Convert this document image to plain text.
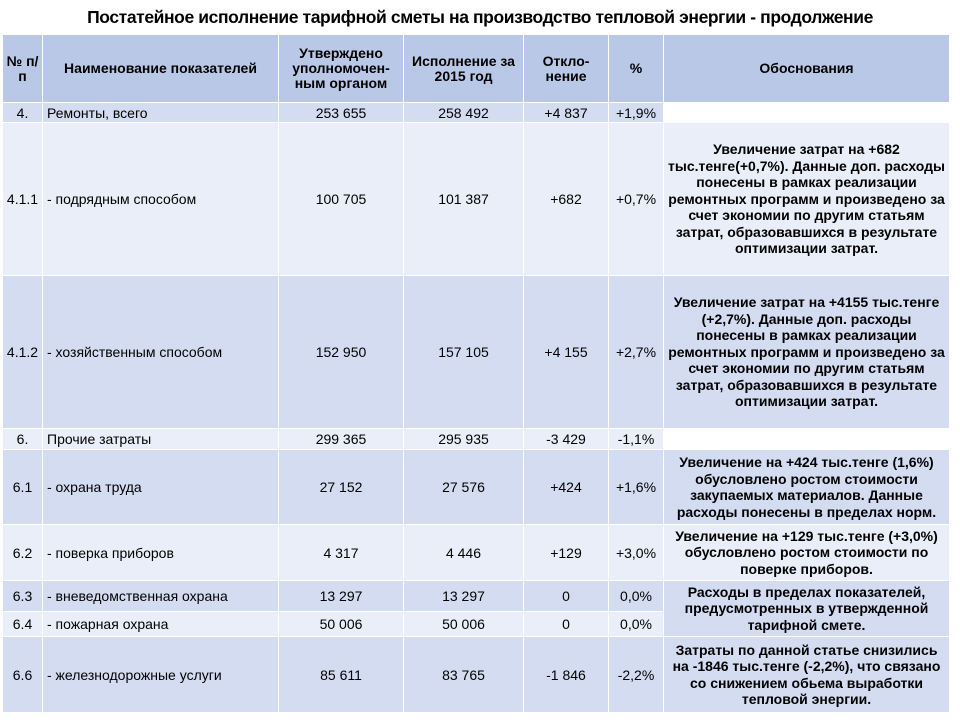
Постатейное исполнение тарифной сметы на производство тепловой энергии - продолжение
№ п/п	Наименование показателей	Утверждено уполномочен-ным органом	Исполнение за 2015 год	Откло-нение	%	Обоснования
4.	Ремонты, всего	253 655	258 492	+4 837	+1,9%	
4.1.1	- подрядным способом	100 705	101 387	+682	+0,7%	Увеличение затрат на +682 тыс.тенге(+0,7%). Данные доп. расходы понесены в рамках реализации ремонтных программ и произведено за счет экономии по другим статьям затрат, образовавшихся в результате оптимизации затрат.
4.1.2	- хозяйственным способом	152 950	157 105	+4 155	+2,7%	Увеличение затрат на +4155 тыс.тенге (+2,7%). Данные доп. расходы понесены в рамках реализации ремонтных программ и произведено за счет экономии по другим статьям затрат, образовавшихся в результате оптимизации затрат.
6.	Прочие затраты	299 365	295 935	-3 429	-1,1%	
6.1	- охрана труда	27 152	27 576	+424	+1,6%	Увеличение на +424 тыс.тенге (1,6%) обусловлено ростом стоимости закупаемых материалов. Данные расходы понесены в пределах норм.
6.2	- поверка приборов	4 317	4 446	+129	+3,0%	Увеличение на +129 тыс.тенге (+3,0%) обусловлено ростом стоимости по поверке приборов.
6.3	- вневедомственная охрана	13 297	13 297	0	0,0%	Расходы в пределах показателей, предусмотренных в утвержденной тарифной смете.
6.4	- пожарная охрана	50 006	50 006	0	0,0%	
6.6	- железнодорожные услуги	85 611	83 765	-1 846	-2,2%	Затраты по данной статье снизились на -1846 тыс.тенге (-2,2%), что связано со снижением обьема выработки тепловой энергии.
